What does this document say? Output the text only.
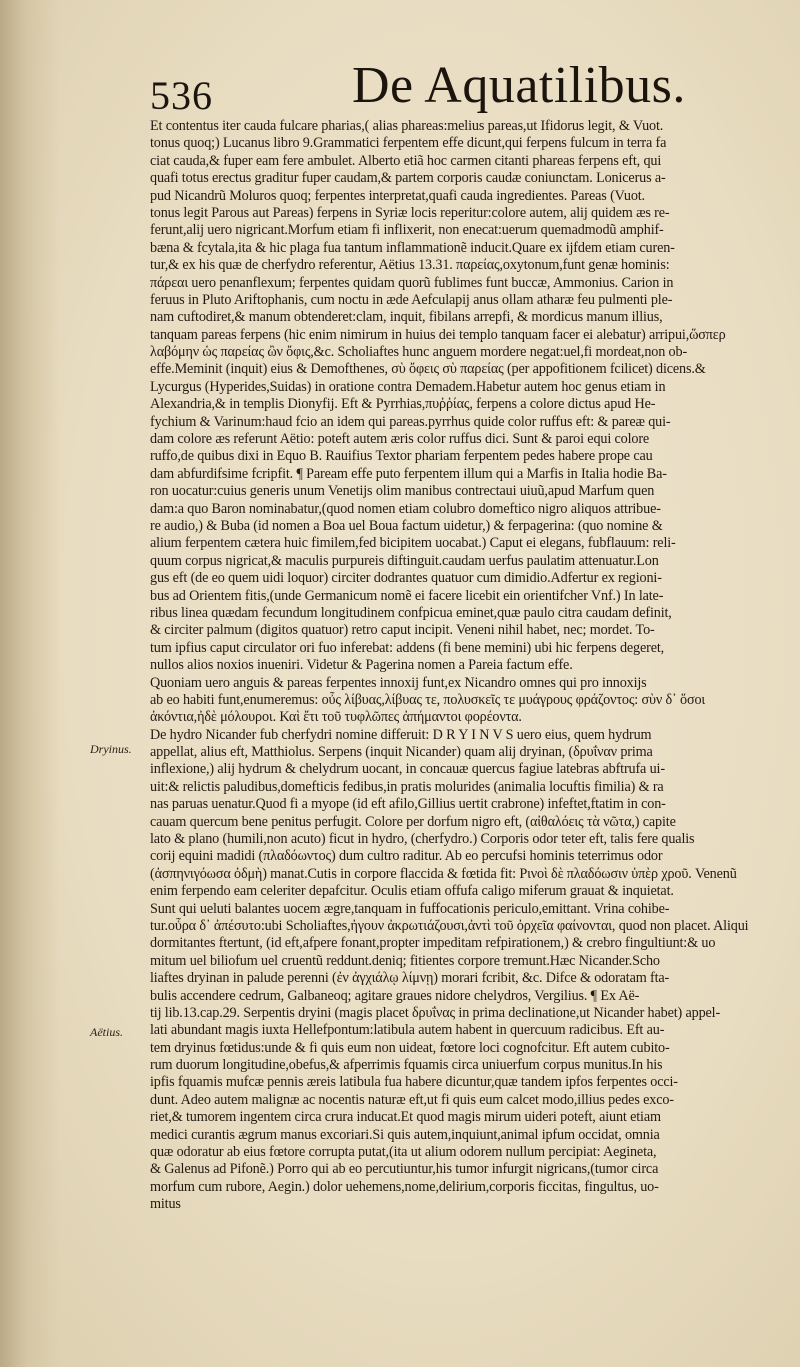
536	De Aquatilibus.
Dryinus.
Aëtius.
Et contentus iter cauda fulcare pharias,( alias phareas:melius pareas,ut Ifidorus legit, & Vuot.
tonus quoq;) Lucanus libro 9.Grammatici ferpentem effe dicunt,qui ferpens fulcum in terra fa
ciat cauda,& fuper eam fere ambulet. Alberto etiã hoc carmen citanti phareas ferpens eft, qui
quafi totus erectus graditur fuper caudam,& partem corporis caudæ coniunctam. Lonicerus a-
pud Nicandrũ Moluros quoq; ferpentes interpretat,quafi cauda ingredientes. Pareas (Vuot.
tonus legit Parous aut Pareas) ferpens in Syriæ locis reperitur:colore autem, alij quidem æs re-
ferunt,alij uero nigricant.Morfum etiam fi inflixerit, non enecat:uerum quemadmodũ amphif-
bæna & fcytala,ita & hic plaga fua tantum inflammationẽ inducit.Quare ex ijfdem etiam curen-
tur,& ex his quæ de cherfydro referentur, Aëtius 13.31. παρείας,oxytonum,funt genæ hominis:
πάρεαι uero penanflexum; ferpentes quidam quorũ fublimes funt buccæ, Ammonius. Carion in
feruus in Pluto Ariftophanis, cum noctu in æde Aefculapij anus ollam atharæ feu pulmenti ple-
nam cuftodiret,& manum obtenderet:clam, inquit, fibilans arrepfi, & mordicus manum illius,
tanquam pareas ferpens (hic enim nimirum in huius dei templo tanquam facer ei alebatur) arripui,ὥσπερ
λαβόμην ὡς παρείας ὢν ὄφις,&c. Scholiaftes hunc anguem mordere negat:uel,fi mordeat,non ob-
effe.Meminit (inquit) eius & Demofthenes, σὺ ὄφεις σὺ παρείας (per appofitionem fcilicet) dicens.&
Lycurgus (Hyperides,Suidas) in oratione contra Demadem.Habetur autem hoc genus etiam in
Alexandria,& in templis Dionyfij. Eft & Pyrrhias,πυῤῥίας, ferpens a colore dictus apud He-
fychium & Varinum:haud fcio an idem qui pareas.pyrrhus quide color ruffus eft: & pareæ qui-
dam colore æs referunt Aëtio: poteft autem æris color ruffus dici. Sunt & paroi equi colore
ruffo,de quibus dixi in Equo B. Rauifius Textor phariam ferpentem pedes habere prope cau
dam abfurdifsime fcripfit. ¶ Paream effe puto ferpentem illum qui a Marfis in Italia hodie Ba-
ron uocatur:cuius generis unum Venetijs olim manibus contrectaui uiuũ,apud Marfum quen
dam:a quo Baron nominabatur,(quod nomen etiam colubro domeftico nigro aliquos attribue-
re audio,) & Buba (id nomen a Boa uel Boua factum uidetur,) & ferpagerina: (quo nomine &
alium ferpentem cætera huic fimilem,fed bicipitem uocabat.) Caput ei elegans, fubflauum: reli-
quum corpus nigricat,& maculis purpureis diftinguit.caudam uerfus paulatim attenuatur.Lon
gus eft (de eo quem uidi loquor) circiter dodrantes quatuor cum dimidio.Adfertur ex regioni-
bus ad Orientem fitis,(unde Germanicum nomẽ ei facere licebit ein orientifcher Vnf.) In late-
ribus linea quædam fecundum longitudinem confpicua eminet,quæ paulo citra caudam definit,
& circiter palmum (digitos quatuor) retro caput incipit. Veneni nihil habet, nec; mordet. To-
tum ipfius caput circulator ori fuo inferebat: addens (fi bene memini) ubi hic ferpens degeret,
nullos alios noxios inueniri. Videtur & Pagerina nomen a Pareia factum effe.
Quoniam uero anguis & pareas ferpentes innoxij funt,ex Nicandro omnes qui pro innoxijs
ab eo habiti funt,enumeremus: οὖς λίβυας,λίβυας τε, πολυσκεῖς τε μυάγρους φράζοντος: σὺν δ᾽ ὅσοι
ἀκόντια,ἠδὲ μόλουροι. Καὶ ἔτι τοῦ τυφλῶπες ἀπήμαντοι φορέοντα.
De hydro Nicander fub cherfydri nomine differuit: D R Y I N V S uero eius, quem hydrum
appellat, alius eft, Matthiolus. Serpens (inquit Nicander) quam alij dryinan, (δρυΐναν prima
inflexione,) alij hydrum & chelydrum uocant, in concauæ quercus fagiue latebras abftrufa ui-
uit:& relictis paludibus,domefticis fedibus,in pratis molurides (animalia locuftis fimilia) & ra
nas paruas uenatur.Quod fi a myope (id eft afilo,Gillius uertit crabrone) infeftet,ftatim in con-
cauam quercum bene penitus perfugit. Colore per dorfum nigro eft, (αἰθαλόεις τὰ νῶτα,) capite
lato & plano (humili,non acuto) ficut in hydro, (cherfydro.) Corporis odor teter eft, talis fere qualis
corij equini madidi (πλαδόωντος) dum cultro raditur. Ab eo percufsi hominis teterrimus odor
(ἀσπηνιγόωσα ὀδμὴ) manat.Cutis in corpore flaccida & fœtida fit: Ρινοὶ δὲ πλαδόωσιν ὑπὲρ χροῦ. Venenũ
enim ferpendo eam celeriter depafcitur. Oculis etiam offufa caligo miferum grauat & inquietat.
Sunt qui ueluti balantes uocem ægre,tanquam in fuffocationis periculo,emittant. Vrina cohibe-
tur.οὖρα δ᾽ ἀπέσυτο:ubi Scholiaftes,ἠγουν ἀκρωτιάζουσι,ἀντὶ τοῦ ὀρχεῖα φαίνονται, quod non placet. Aliqui
dormitantes ftertunt, (id eft,afpere fonant,propter impeditam refpirationem,) & crebro fingultiunt:& uo
mitum uel biliofum uel cruentũ reddunt.deniq; fitientes corpore tremunt.Hæc Nicander.Scho
liaftes dryinan in palude perenni (ἐν ἀγχιάλῳ λίμνῃ) morari fcribit, &c. Difce & odoratam fta-
bulis accendere cedrum, Galbaneoq; agitare graues nidore chelydros, Vergilius. ¶ Ex Aë-
tij lib.13.cap.29. Serpentis dryini (magis placet δρυΐνας in prima declinatione,ut Nicander habet) appel-
lati abundant magis iuxta Hellefpontum:latibula autem habent in quercuum radicibus. Eft au-
tem dryinus fœtidus:unde & fi quis eum non uideat, fœtore loci cognofcitur. Eft autem cubito-
rum duorum longitudine,obefus,& afperrimis fquamis circa uniuerfum corpus munitus.In his
ipfis fquamis mufcæ pennis æreis latibula fua habere dicuntur,quæ tandem ipfos ferpentes occi-
dunt. Adeo autem malignæ ac nocentis naturæ eft,ut fi quis eum calcet modo,illius pedes exco-
riet,& tumorem ingentem circa crura inducat.Et quod magis mirum uideri poteft, aiunt etiam
medici curantis ægrum manus excoriari.Si quis autem,inquiunt,animal ipfum occidat, omnia
quæ odoratur ab eius fœtore corrupta putat,(ita ut alium odorem nullum percipiat: Aegineta,
& Galenus ad Pifonẽ.) Porro qui ab eo percutiuntur,his tumor infurgit nigricans,(tumor circa
morfum cum rubore, Aegin.) dolor uehemens,nome,delirium,corporis ficcitas, fingultus, uo-
mitus
